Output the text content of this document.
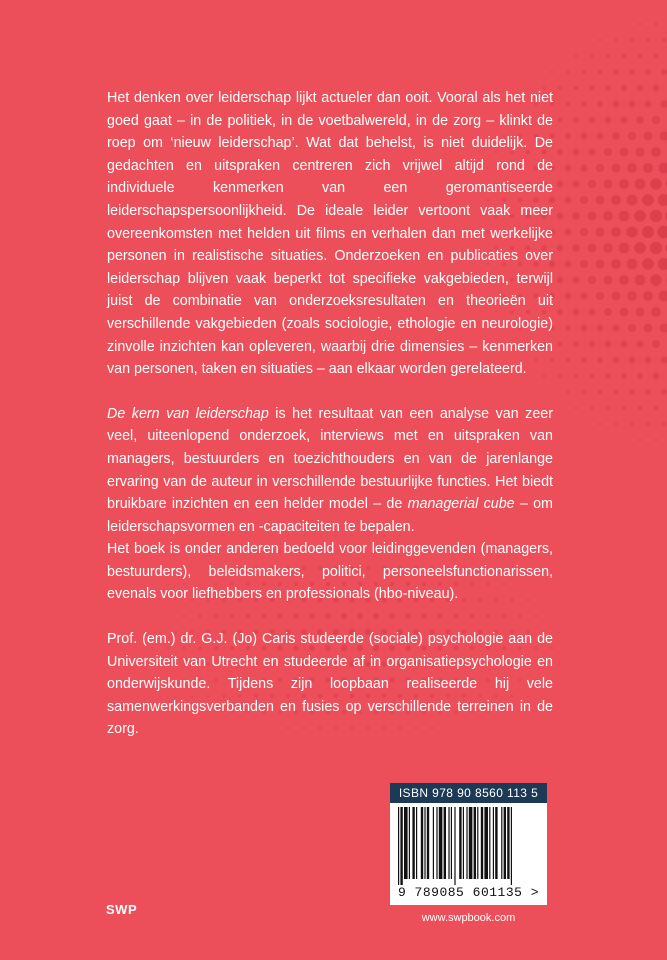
Het denken over leiderschap lijkt actueler dan ooit. Vooral als het niet goed gaat – in de politiek, in de voetbalwereld, in de zorg – klinkt de roep om ‘nieuw leiderschap’. Wat dat behelst, is niet duidelijk. De gedachten en uitspraken centreren zich vrijwel altijd rond de individuele kenmerken van een geromantiseerde leiderschapspersoonlijkheid. De ideale leider vertoont vaak meer overeenkomsten met helden uit films en verhalen dan met werkelijke personen in realistische situaties. Onderzoeken en publicaties over leiderschap blijven vaak beperkt tot specifieke vakgebieden, terwijl juist de combinatie van onderzoeksresultaten en theorieën uit verschillende vakgebieden (zoals sociologie, ethologie en neurologie) zinvolle inzichten kan opleveren, waarbij drie dimensies – kenmerken van personen, taken en situaties – aan elkaar worden gerelateerd.

De kern van leiderschap is het resultaat van een analyse van zeer veel, uiteenlopend onderzoek, interviews met en uitspraken van managers, bestuurders en toezichthouders en van de jarenlange ervaring van de auteur in verschillende bestuurlijke functies. Het biedt bruikbare inzichten en een helder model – de managerial cube – om leiderschapsvormen en -capaciteiten te bepalen.

Het boek is onder anderen bedoeld voor leidinggevenden (managers, bestuurders), beleidsmakers, politici, personeelsfunctionarissen, evenals voor liefhebbers en professionals (hbo-niveau).

Prof. (em.) dr. G.J. (Jo) Caris studeerde (sociale) psychologie aan de Universiteit van Utrecht en studeerde af in organisatiepsychologie en onderwijskunde. Tijdens zijn loopbaan realiseerde hij vele samenwerkingsverbanden en fusies op verschillende terreinen in de zorg.

ISBN 978 90 8560 113 5
9 789085 601135 >
www.swpbook.com
SWP
